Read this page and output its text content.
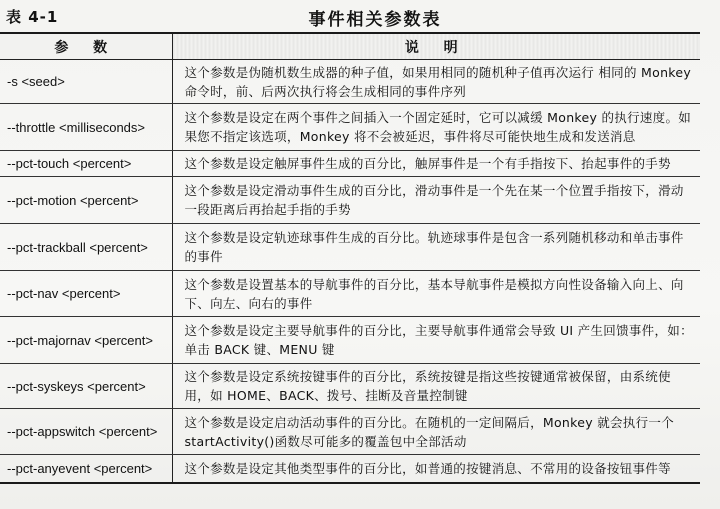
表 4-1	事件相关参数表
参 数	说 明
-s <seed>	这个参数是伪随机数生成器的种子值，如果用相同的随机种子值再次运行 相同的 Monkey 命令时，前、后两次执行将会生成相同的事件序列
--throttle <milliseconds>	这个参数是设定在两个事件之间插入一个固定延时，它可以减缓 Monkey 的执行速度。如果您不指定该选项，Monkey 将不会被延迟，事件将尽可能快地生成和发送消息
--pct-touch <percent>	这个参数是设定触屏事件生成的百分比，触屏事件是一个有手指按下、抬起事件的手势
--pct-motion <percent>	这个参数是设定滑动事件生成的百分比，滑动事件是一个先在某一个位置手指按下，滑动一段距离后再抬起手指的手势
--pct-trackball <percent>	这个参数是设定轨迹球事件生成的百分比。轨迹球事件是包含一系列随机移动和单击事件的事件
--pct-nav <percent>	这个参数是设置基本的导航事件的百分比，基本导航事件是模拟方向性设备输入向上、向下、向左、向右的事件
--pct-majornav <percent>	这个参数是设定主要导航事件的百分比，主要导航事件通常会导致 UI 产生回馈事件，如：单击 BACK 键、MENU 键
--pct-syskeys <percent>	这个参数是设定系统按键事件的百分比，系统按键是指这些按键通常被保留，由系统使用，如 HOME、BACK、拨号、挂断及音量控制键
--pct-appswitch <percent>	这个参数是设定启动活动事件的百分比。在随机的一定间隔后，Monkey 就会执行一个 startActivity()函数尽可能多的覆盖包中全部活动
--pct-anyevent <percent>	这个参数是设定其他类型事件的百分比，如普通的按键消息、不常用的设备按钮事件等
